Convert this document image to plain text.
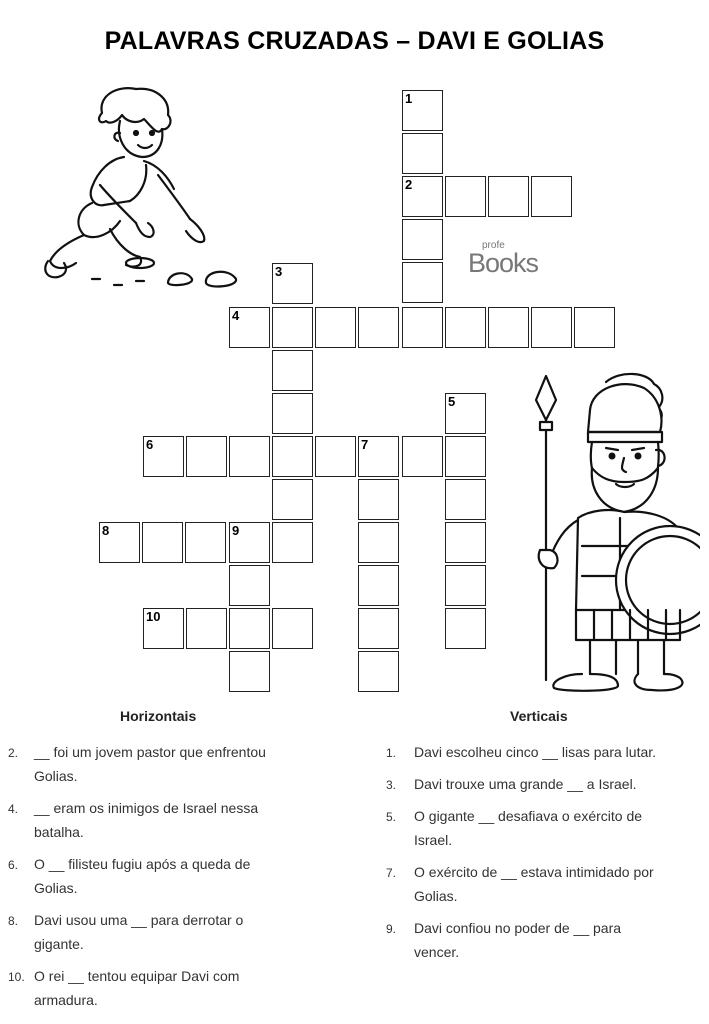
PALAVRAS CRUZADAS – DAVI E GOLIAS
profe
Books
1
2
3
4
5
6	7
8	9
10
Horizontais	Verticais
2. __ foi um jovem pastor que enfrentou
Golias.
4. __ eram os inimigos de Israel nessa
batalha.
6. O __ filisteu fugiu após a queda de
Golias.
8. Davi usou uma __ para derrotar o
gigante.
10. O rei __ tentou equipar Davi com
armadura.
1. Davi escolheu cinco __ lisas para lutar.
3. Davi trouxe uma grande __ a Israel.
5. O gigante __ desafiava o exército de
Israel.
7. O exército de __ estava intimidado por
Golias.
9. Davi confiou no poder de __ para
vencer.
